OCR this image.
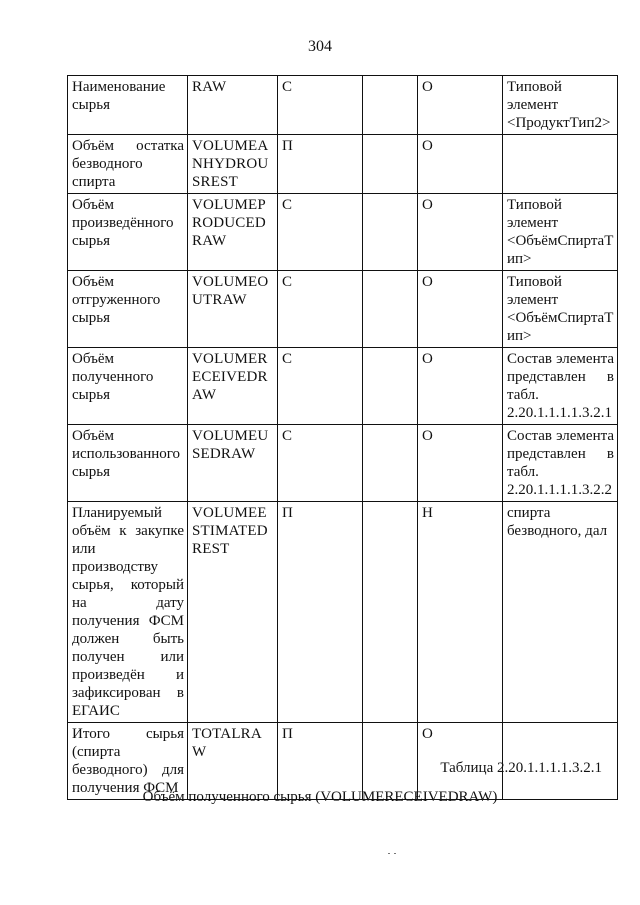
304
Наименование сырья	RAW	С		О	Типовой элемент <ПродуктТип2>
Объём остатка безводного спирта	VOLUMEANHYDROUSREST	П		О	
Объём произведённого сырья	VOLUMEPRODUCEDRAW	С		О	Типовой элемент <ОбъёмСпиртаТип>
Объём отгруженного сырья	VOLUMEOUTRAW	С		О	Типовой элемент <ОбъёмСпиртаТип>
Объём полученного сырья	VOLUMERECEIVEDRAW	С		О	Состав элемента представлен в табл. 2.20.1.1.1.1.3.2.1
Объём использованного сырья	VOLUMEUSEDRAW	С		О	Состав элемента представлен в табл. 2.20.1.1.1.1.3.2.2
Планируемый объём к закупке или производству сырья, который на дату получения ФСМ должен быть получен или произведён и зафиксирован в ЕГАИС	VOLUMEESTIMATEDREST	П		Н	спирта безводного, дал
Итого сырья (спирта безводного) для получения ФСМ	TOTALRAW	П		О	
Таблица 2.20.1.1.1.1.3.2.1
Объём полученного сырья (VOLUMERECEIVEDRAW)
